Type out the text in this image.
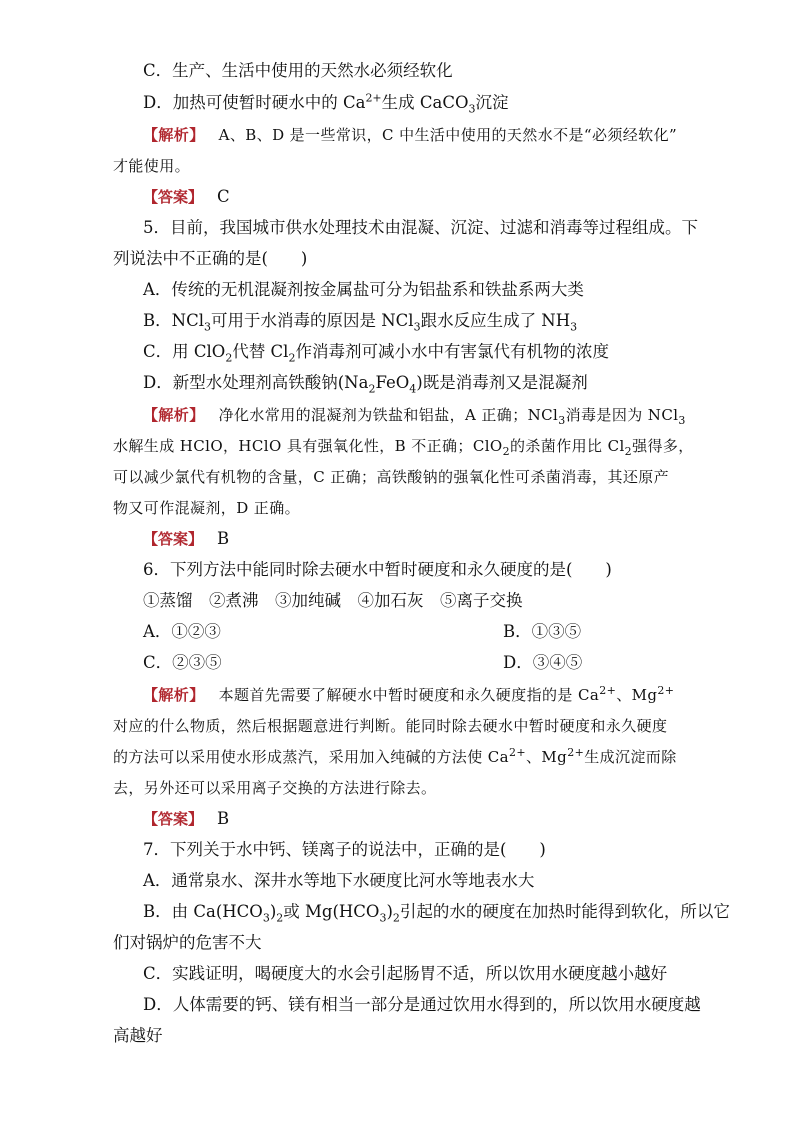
C．生产、生活中使用的天然水必须经软化
D．加热可使暂时硬水中的 $Ca^{2+}$生成 CaCO$_3$沉淀
【解析】 A、B、D 是一些常识，C 中生活中使用的天然水不是“必须经软化”
才能使用。
【答案】 C
5．目前，我国城市供水处理技术由混凝、沉淀、过滤和消毒等过程组成。下
列说法中不正确的是(　　)
A．传统的无机混凝剂按金属盐可分为铝盐系和铁盐系两大类
B．NCl$_3$可用于水消毒的原因是 NCl$_3$跟水反应生成了 $NH_3$
C．用 ClO$_2$代替 $Cl_2$作消毒剂可减小水中有害氯代有机物的浓度
D．新型水处理剂高铁酸钠$(Na_2FeO_4)$既是消毒剂又是混凝剂
【解析】 净化水常用的混凝剂为铁盐和铝盐，A 正确；NCl$_3$消毒是因为 NCl$_3$
水解生成 HClO，HClO 具有强氧化性，B 不正确；ClO$_2$的杀菌作用比 $Cl_2$强得多，
可以减少氯代有机物的含量，C 正确；高铁酸钠的强氧化性可杀菌消毒，其还原产
物又可作混凝剂，D 正确。
【答案】 B
6．下列方法中能同时除去硬水中暂时硬度和永久硬度的是(　　)
①蒸馏　②煮沸　③加纯碱　④加石灰　⑤离子交换
A．①②③	B．①③⑤
C．②③⑤	D．③④⑤
【解析】 本题首先需要了解硬水中暂时硬度和永久硬度指的是 $Ca^{2+}$、$Mg^{2+}$
对应的什么物质，然后根据题意进行判断。能同时除去硬水中暂时硬度和永久硬度
的方法可以采用使水形成蒸汽，采用加入纯碱的方法使 $Ca^{2+}$、$Mg^{2+}$生成沉淀而除
去，另外还可以采用离子交换的方法进行除去。
【答案】 B
7．下列关于水中钙、镁离子的说法中，正确的是(　　)
A．通常泉水、深井水等地下水硬度比河水等地表水大
B．由 $Ca(HCO_3)_2$或 $Mg(HCO_3)_2$引起的水的硬度在加热时能得到软化，所以它
们对锅炉的危害不大
C．实践证明，喝硬度大的水会引起肠胃不适，所以饮用水硬度越小越好
D．人体需要的钙、镁有相当一部分是通过饮用水得到的，所以饮用水硬度越
高越好
